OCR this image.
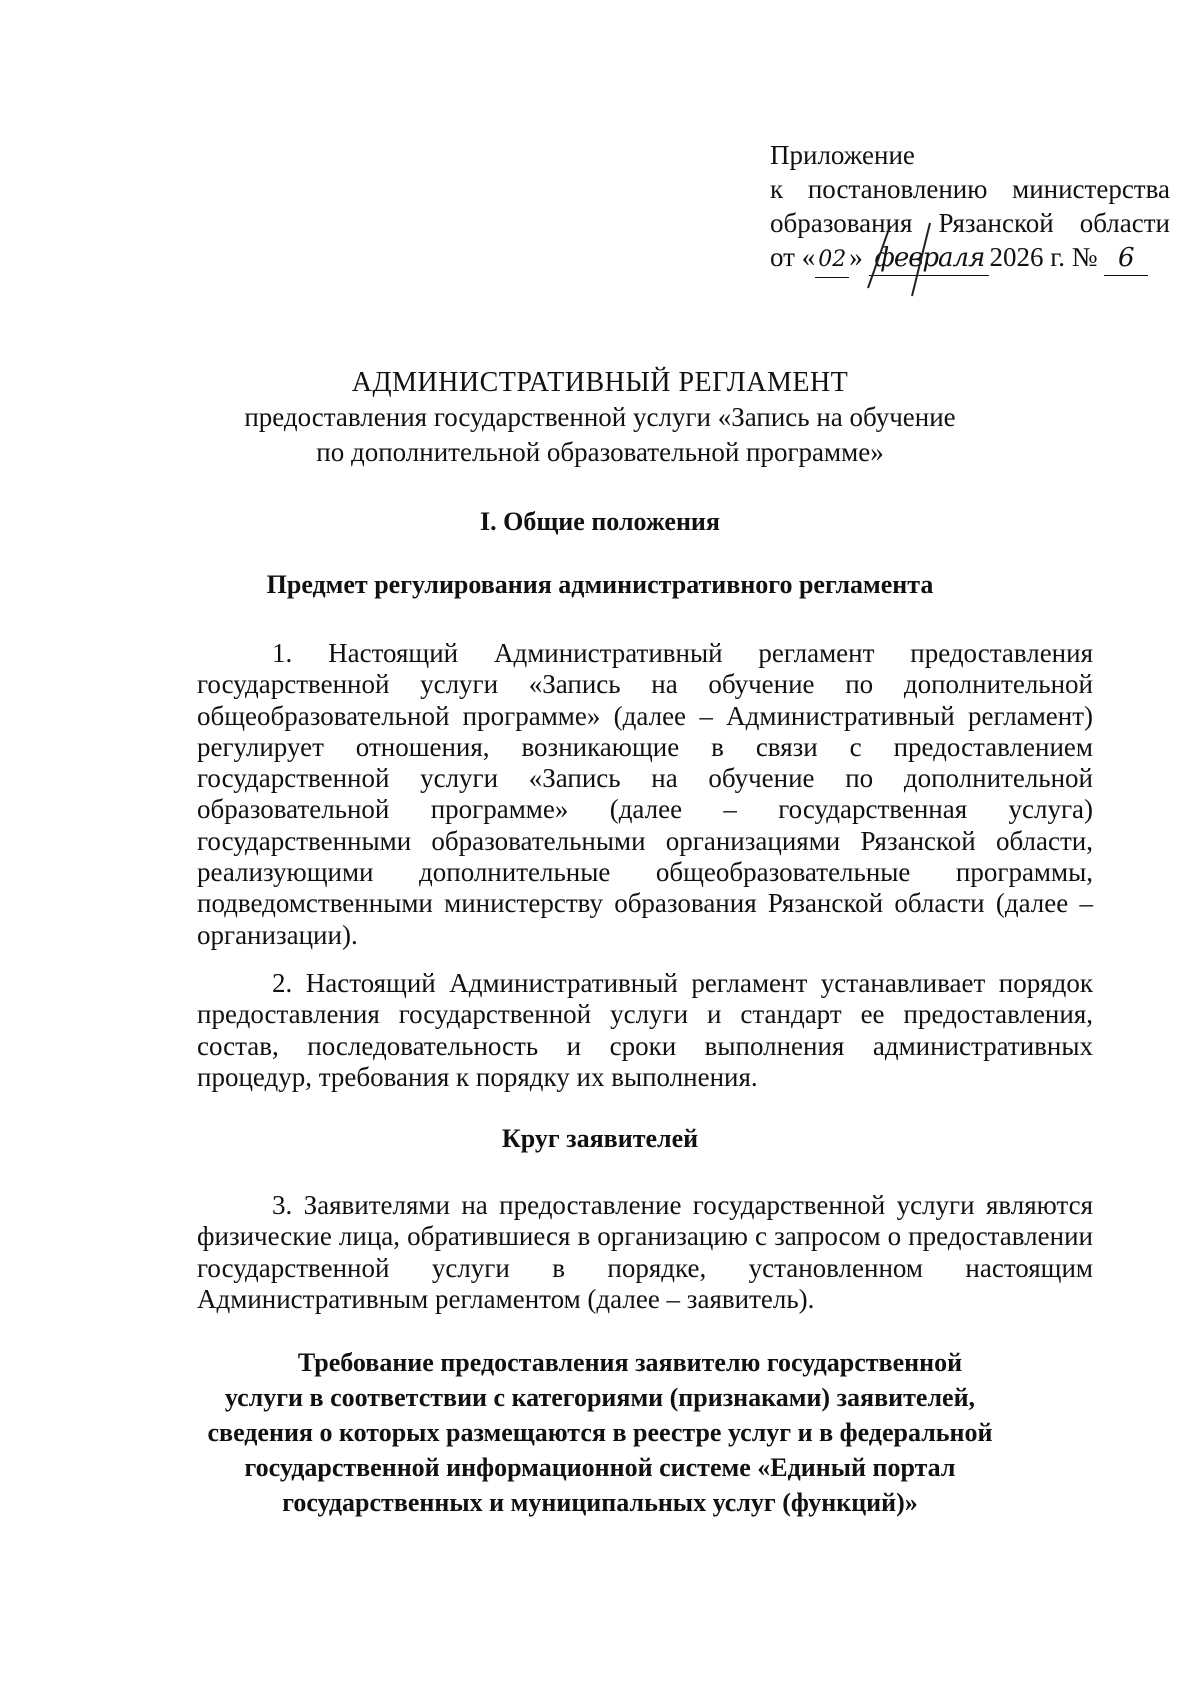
Приложение
к постановлению министерства
образования Рязанской области
от « 02 » февраля 2026 г. № 6
АДМИНИСТРАТИВНЫЙ РЕГЛАМЕНТ
предоставления государственной услуги «Запись на обучение
по дополнительной образовательной программе»
I. Общие положения
Предмет регулирования административного регламента

1. Настоящий Административный регламент предоставления государственной услуги «Запись на обучение по дополнительной общеобразовательной программе» (далее – Административный регламент) регулирует отношения, возникающие в связи с предоставлением государственной услуги «Запись на обучение по дополнительной образовательной программе» (далее – государственная услуга) государственными образовательными организациями Рязанской области, реализующими дополнительные общеобразовательные программы, подведомственными министерству образования Рязанской области (далее – организации).

2. Настоящий Административный регламент устанавливает порядок предоставления государственной услуги и стандарт ее предоставления, состав, последовательность и сроки выполнения административных процедур, требования к порядку их выполнения.

Круг заявителей

3. Заявителями на предоставление государственной услуги являются физические лица, обратившиеся в организацию с запросом о предоставлении государственной услуги в порядке, установленном настоящим Административным регламентом (далее – заявитель).

Требование предоставления заявителю государственной
услуги в соответствии с категориями (признаками) заявителей,
сведения о которых размещаются в реестре услуг и в федеральной
государственной информационной системе «Единый портал
государственных и муниципальных услуг (функций)»
